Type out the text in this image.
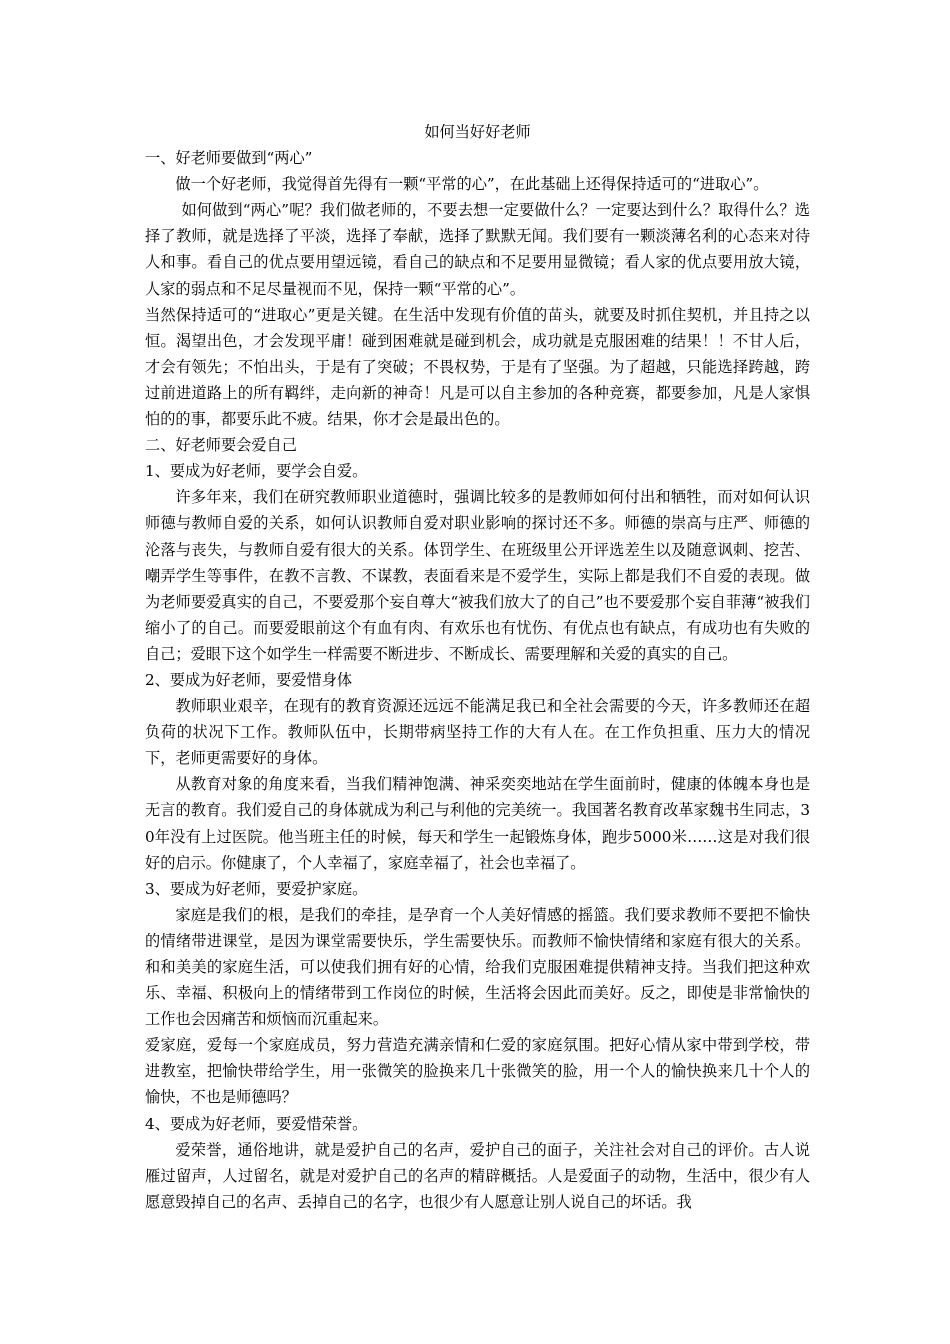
如何当好好老师

一、好老师要做到“两心”

做一个好老师，我觉得首先得有一颗“平常的心”，在此基础上还得保持适可的“进取心”。

如何做到“两心”呢？我们做老师的，不要去想一定要做什么？一定要达到什么？取得什么？选择了教师，就是选择了平淡，选择了奉献，选择了默默无闻。我们要有一颗淡薄名利的心态来对待人和事。看自己的优点要用望远镜，看自己的缺点和不足要用显微镜；看人家的优点要用放大镜，人家的弱点和不足尽量视而不见，保持一颗“平常的心”。

当然保持适可的“进取心”更是关键。在生活中发现有价值的苗头，就要及时抓住契机，并且持之以恒。渴望出色，才会发现平庸！碰到困难就是碰到机会，成功就是克服困难的结果！！不甘人后，才会有领先；不怕出头，于是有了突破；不畏权势，于是有了坚强。为了超越，只能选择跨越，跨过前进道路上的所有羁绊，走向新的神奇！凡是可以自主参加的各种竞赛，都要参加，凡是人家惧怕的的事，都要乐此不疲。结果，你才会是最出色的。

二、好老师要会爱自己

1、要成为好老师，要学会自爱。

许多年来，我们在研究教师职业道德时，强调比较多的是教师如何付出和牺牲，而对如何认识师德与教师自爱的关系，如何认识教师自爱对职业影响的探讨还不多。师德的崇高与庄严、师德的沦落与丧失，与教师自爱有很大的关系。体罚学生、在班级里公开评选差生以及随意讽刺、挖苦、嘲弄学生等事件，在教不言教、不谋教，表面看来是不爱学生，实际上都是我们不自爱的表现。做为老师要爱真实的自己，不要爱那个妄自尊大“被我们放大了的自己”也不要爱那个妄自菲薄“被我们缩小了的自己。而要爱眼前这个有血有肉、有欢乐也有忧伤、有优点也有缺点，有成功也有失败的自己；爱眼下这个如学生一样需要不断进步、不断成长、需要理解和关爱的真实的自己。

2、要成为好老师，要爱惜身体

教师职业艰辛，在现有的教育资源还远远不能满足我已和全社会需要的今天，许多教师还在超负荷的状况下工作。教师队伍中，长期带病坚持工作的大有人在。在工作负担重、压力大的情况下，老师更需要好的身体。

从教育对象的角度来看，当我们精神饱满、神采奕奕地站在学生面前时，健康的体魄本身也是无言的教育。我们爱自己的身体就成为利己与利他的完美统一。我国著名教育改革家魏书生同志，30年没有上过医院。他当班主任的时候，每天和学生一起锻炼身体，跑步5000米……这是对我们很好的启示。你健康了，个人幸福了，家庭幸福了，社会也幸福了。

3、要成为好老师，要爱护家庭。

家庭是我们的根，是我们的牵挂，是孕育一个人美好情感的摇篮。我们要求教师不要把不愉快的情绪带进课堂，是因为课堂需要快乐，学生需要快乐。而教师不愉快情绪和家庭有很大的关系。和和美美的家庭生活，可以使我们拥有好的心情，给我们克服困难提供精神支持。当我们把这种欢乐、幸福、积极向上的情绪带到工作岗位的时候，生活将会因此而美好。反之，即使是非常愉快的工作也会因痛苦和烦恼而沉重起来。

爱家庭，爱每一个家庭成员，努力营造充满亲情和仁爱的家庭氛围。把好心情从家中带到学校，带进教室，把愉快带给学生，用一张微笑的脸换来几十张微笑的脸，用一个人的愉快换来几十个人的愉快，不也是师德吗？

4、要成为好老师，要爱惜荣誉。

爱荣誉，通俗地讲，就是爱护自己的名声，爱护自己的面子，关注社会对自己的评价。古人说雁过留声，人过留名，就是对爱护自己的名声的精辟概括。人是爱面子的动物，生活中，很少有人愿意毁掉自己的名声、丢掉自己的名字，也很少有人愿意让别人说自己的坏话。我
